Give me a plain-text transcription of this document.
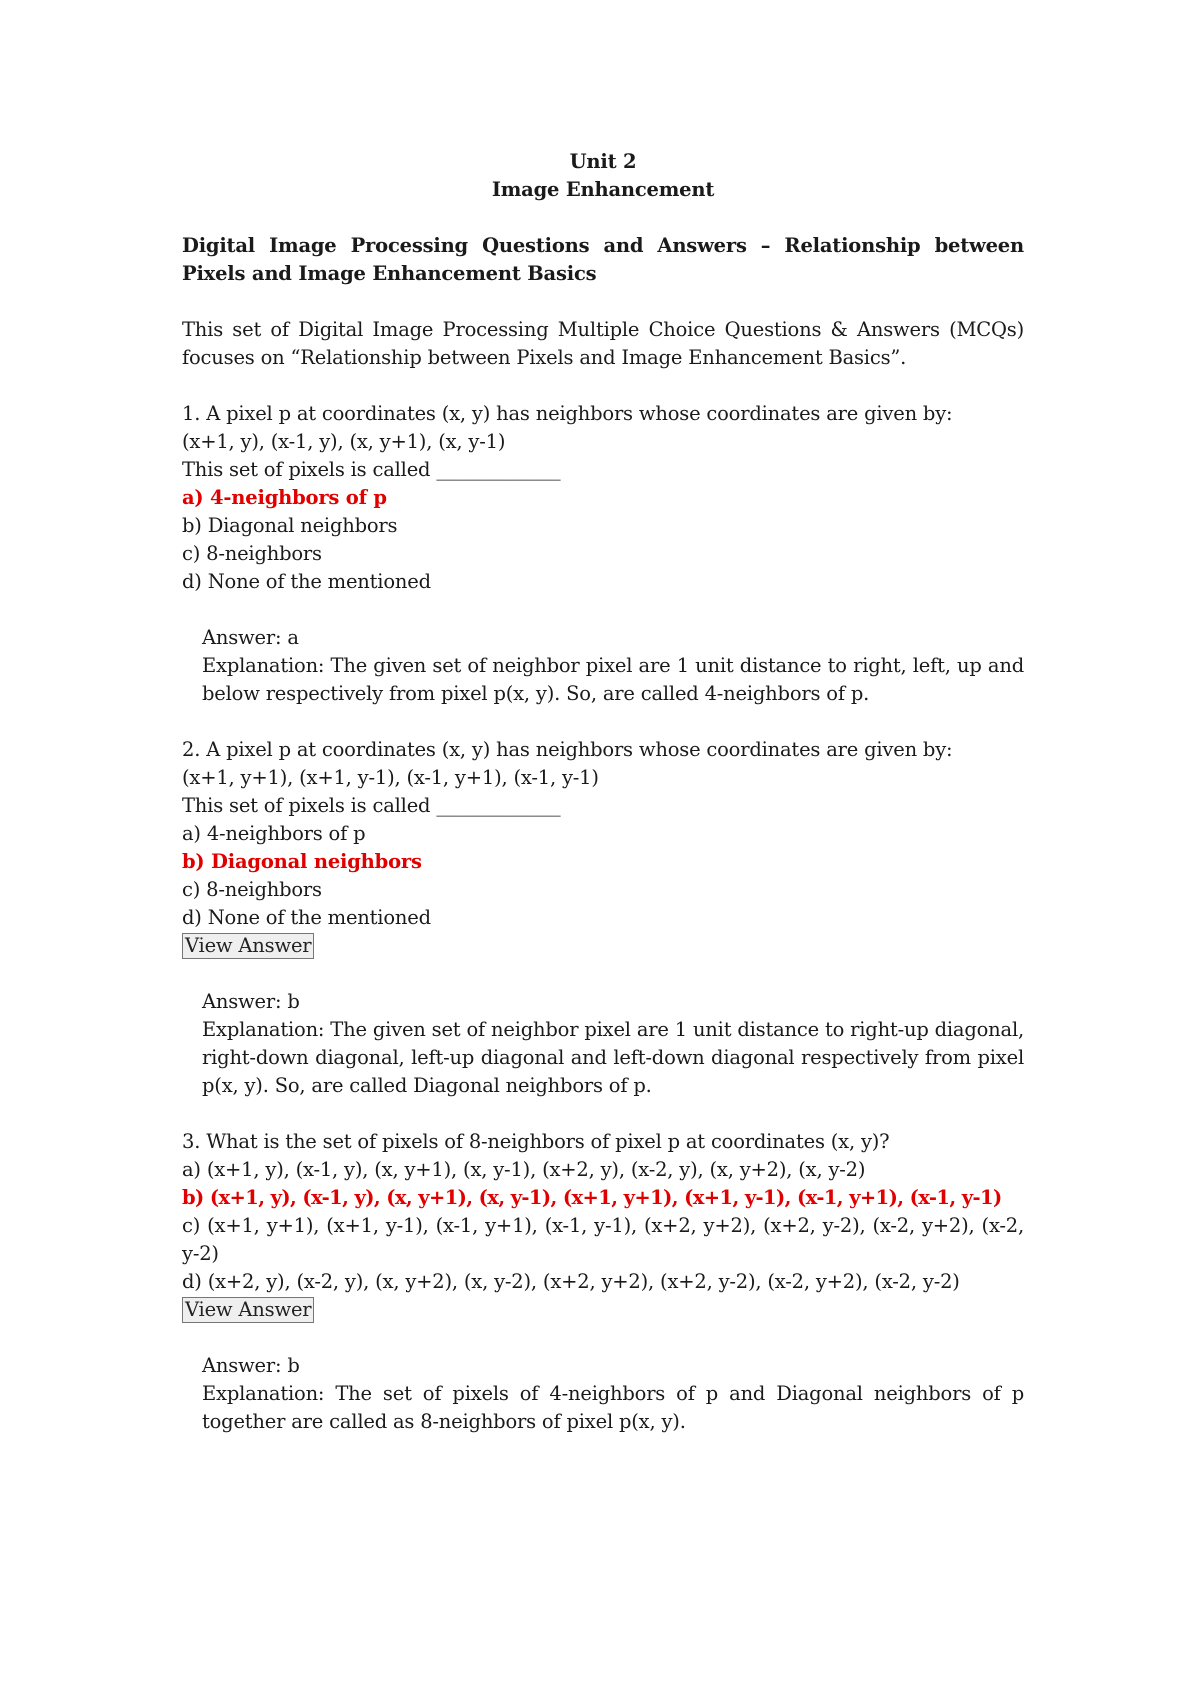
Unit 2
Image Enhancement
Digital Image Processing Questions and Answers – Relationship between Pixels and Image Enhancement Basics
This set of Digital Image Processing Multiple Choice Questions & Answers (MCQs) focuses on “Relationship between Pixels and Image Enhancement Basics”.
1. A pixel p at coordinates (x, y) has neighbors whose coordinates are given by:
(x+1, y), (x-1, y), (x, y+1), (x, y-1)
This set of pixels is called _____________
a) 4-neighbors of p
b) Diagonal neighbors
c) 8-neighbors
d) None of the mentioned
Answer: a
Explanation: The given set of neighbor pixel are 1 unit distance to right, left, up and below respectively from pixel p(x, y). So, are called 4-neighbors of p.
2. A pixel p at coordinates (x, y) has neighbors whose coordinates are given by:
(x+1, y+1), (x+1, y-1), (x-1, y+1), (x-1, y-1)
This set of pixels is called _____________
a) 4-neighbors of p
b) Diagonal neighbors
c) 8-neighbors
d) None of the mentioned
View Answer
Answer: b
Explanation: The given set of neighbor pixel are 1 unit distance to right-up diagonal, right-down diagonal, left-up diagonal and left-down diagonal respectively from pixel p(x, y). So, are called Diagonal neighbors of p.
3. What is the set of pixels of 8-neighbors of pixel p at coordinates (x, y)?
a) (x+1, y), (x-1, y), (x, y+1), (x, y-1), (x+2, y), (x-2, y), (x, y+2), (x, y-2)
b) (x+1, y), (x-1, y), (x, y+1), (x, y-1), (x+1, y+1), (x+1, y-1), (x-1, y+1), (x-1, y-1)
c) (x+1, y+1), (x+1, y-1), (x-1, y+1), (x-1, y-1), (x+2, y+2), (x+2, y-2), (x-2, y+2), (x-2, y-2)
d) (x+2, y), (x-2, y), (x, y+2), (x, y-2), (x+2, y+2), (x+2, y-2), (x-2, y+2), (x-2, y-2)
View Answer
Answer: b
Explanation: The set of pixels of 4-neighbors of p and Diagonal neighbors of p together are called as 8-neighbors of pixel p(x, y).
